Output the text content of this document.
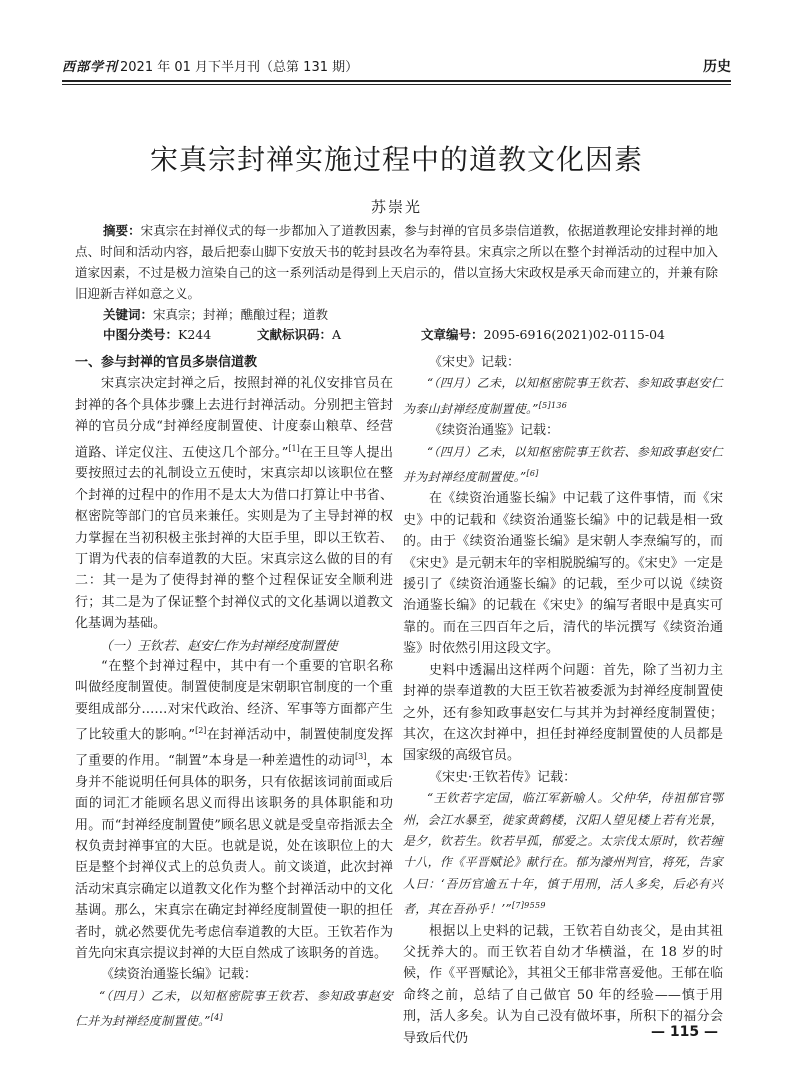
西部学刊 2021 年 01 月下半月刊（总第 131 期）	历史
宋真宗封禅实施过程中的道教文化因素
苏崇光
摘要：宋真宗在封禅仪式的每一步都加入了道教因素，参与封禅的官员多崇信道教，依据道教理论安排封禅的地点、时间和活动内容，最后把泰山脚下安放天书的乾封县改名为奉符县。宋真宗之所以在整个封禅活动的过程中加入道家因素，不过是极力渲染自己的这一系列活动是得到上天启示的，借以宣扬大宋政权是承天命而建立的，并兼有除旧迎新吉祥如意之义。
关键词：宋真宗；封禅；醮酿过程；道教
中图分类号：K244	文献标识码：A	文章编号：2095-6916(2021)02-0115-04
一、参与封禅的官员多崇信道教

宋真宗决定封禅之后，按照封禅的礼仪安排官员在封禅的各个具体步骤上去进行封禅活动。分别把主管封禅的官员分成“封禅经度制置使、计度泰山粮草、经营道路、详定仪注、五使这几个部分。”[1]在王旦等人提出要按照过去的礼制设立五使时，宋真宗却以该职位在整个封禅的过程中的作用不是太大为借口打算让中书省、枢密院等部门的官员来兼任。实则是为了主导封禅的权力掌握在当初积极主张封禅的大臣手里，即以王钦若、丁谓为代表的信奉道教的大臣。宋真宗这么做的目的有二：其一是为了使得封禅的整个过程保证安全顺利进行；其二是为了保证整个封禅仪式的文化基调以道教文化基调为基础。

（一）王钦若、赵安仁作为封禅经度制置使

“在整个封禅过程中，其中有一个重要的官职名称叫做经度制置使。制置使制度是宋朝职官制度的一个重要组成部分……对宋代政治、经济、军事等方面都产生了比较重大的影响。”[2]在封禅活动中，制置使制度发挥了重要的作用。“制置”本身是一种差遣性的动词[3]，本身并不能说明任何具体的职务，只有依据该词前面或后面的词汇才能顾名思义而得出该职务的具体职能和功用。而“封禅经度制置使”顾名思义就是受皇帝指派去全权负责封禅事宜的大臣。也就是说，处在该职位上的大臣是整个封禅仪式上的总负责人。前文谈道，此次封禅活动宋真宗确定以道教文化作为整个封禅活动中的文化基调。那么，宋真宗在确定封禅经度制置使一职的担任者时，就必然要优先考虑信奉道教的大臣。王钦若作为首先向宋真宗提议封禅的大臣自然成了该职务的首选。

《续资治通鉴长编》记载：

“（四月）乙未，以知枢密院事王钦若、参知政事赵安仁并为封禅经度制置使。”[4]

《宋史》记载：

“（四月）乙未，以知枢密院事王钦若、参知政事赵安仁为泰山封禅经度制置使。”$^{[5]136}$

《续资治通鉴》记载：

“（四月）乙未，以知枢密院事王钦若、参知政事赵安仁并为封禅经度制置使。”[6]

在《续资治通鉴长编》中记载了这件事情，而《宋史》中的记载和《续资治通鉴长编》中的记载是相一致的。由于《续资治通鉴长编》是宋朝人李焘编写的，而《宋史》是元朝末年的宰相脱脱编写的。《宋史》一定是援引了《续资治通鉴长编》的记载，至少可以说《续资治通鉴长编》的记载在《宋史》的编写者眼中是真实可靠的。而在三四百年之后，清代的毕沅撰写《续资治通鉴》时依然引用这段文字。

史料中透漏出这样两个问题：首先，除了当初力主封禅的崇奉道教的大臣王钦若被委派为封禅经度制置使之外，还有参知政事赵安仁与其并为封禅经度制置使；其次，在这次封禅中，担任封禅经度制置使的人员都是国家级的高级官员。

《宋史·王钦若传》记载：

“王钦若字定国，临江军新喻人。父仲华，侍祖郁官鄂州，会江水暴至，徙家黄鹤楼，汉阳人望见楼上若有光景，是夕，钦若生。钦若早孤，郁爱之。太宗伐太原时，钦若缠十八，作《平晋赋论》献行在。郁为濠州判官，将死，告家人曰：‘吾历官逾五十年，慎于用刑，活人多矣，后必有兴者，其在吾孙乎！’”$^{[7]9559}$

根据以上史料的记载，王钦若自幼丧父，是由其祖父抚养大的。而王钦若自幼才华横溢，在 18 岁的时候，作《平晋赋论》，其祖父王郁非常喜爱他。王郁在临命终之前，总结了自己做官 50 年的经验——慎于用刑，活人多矣。认为自己没有做坏事，所积下的福分会导致后代仍	— 115 —
